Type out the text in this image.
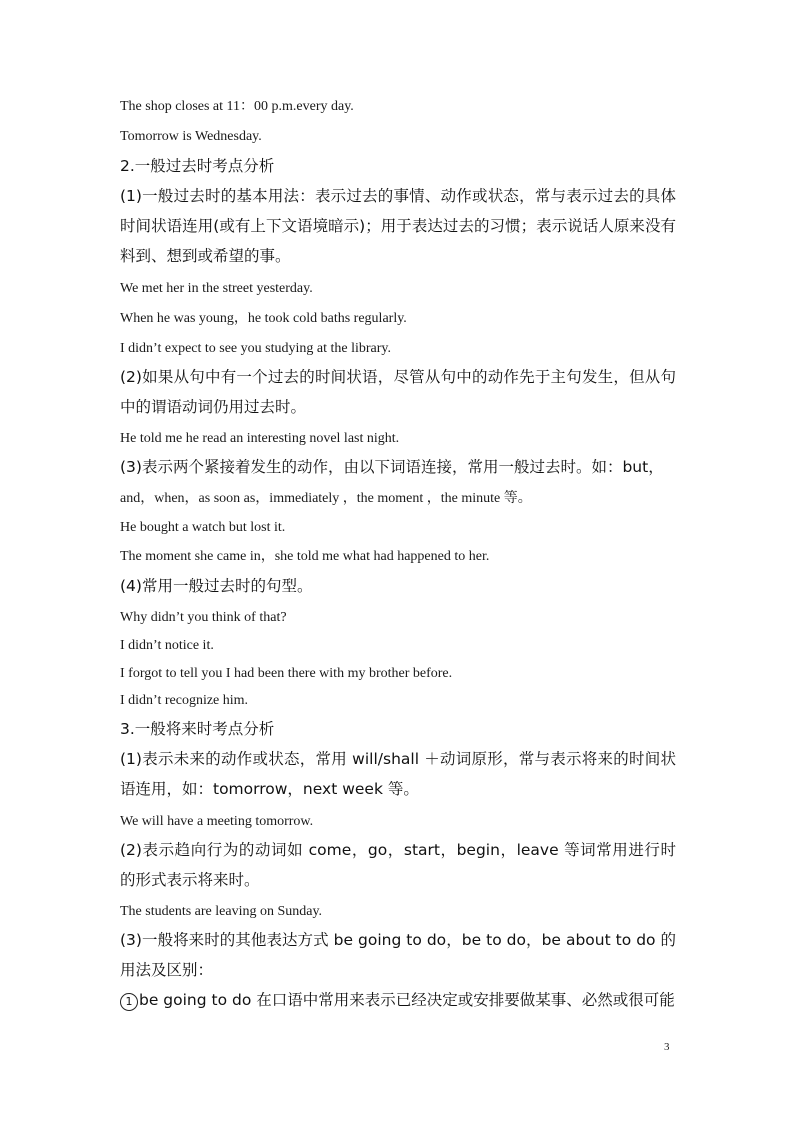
The shop closes at 11：00 p.m.every day.
Tomorrow is Wednesday.
2.一般过去时考点分析
(1)一般过去时的基本用法：表示过去的事情、动作或状态，常与表示过去的具体时间状语连用(或有上下文语境暗示)；用于表达过去的习惯；表示说话人原来没有料到、想到或希望的事。
We met her in the street yesterday.
When he was young，he took cold baths regularly.
I didn’t expect to see you studying at the library.
(2)如果从句中有一个过去的时间状语，尽管从句中的动作先于主句发生，但从句中的谓语动词仍用过去时。
He told me he read an interesting novel last night.
(3)表示两个紧接着发生的动作，由以下词语连接，常用一般过去时。如：but，
and，when，as soon as，immediately ，the moment ，the minute 等。
He bought a watch but lost it.
The moment she came in，she told me what had happened to her.
(4)常用一般过去时的句型。
Why didn’t you think of that?
I didn’t notice it.
I forgot to tell you I had been there with my brother before.
I didn’t recognize him.
3.一般将来时考点分析
(1)表示未来的动作或状态，常用 will/shall ＋动词原形，常与表示将来的时间状语连用，如：tomorrow，next week 等。
We will have a meeting tomorrow.
(2)表示趋向行为的动词如 come，go，start，begin，leave 等词常用进行时的形式表示将来时。
The students are leaving on Sunday.
(3)一般将来时的其他表达方式 be going to do，be to do，be about to do 的用法及区别：
1 be going to do 在口语中常用来表示已经决定或安排要做某事、必然或很可能
3
